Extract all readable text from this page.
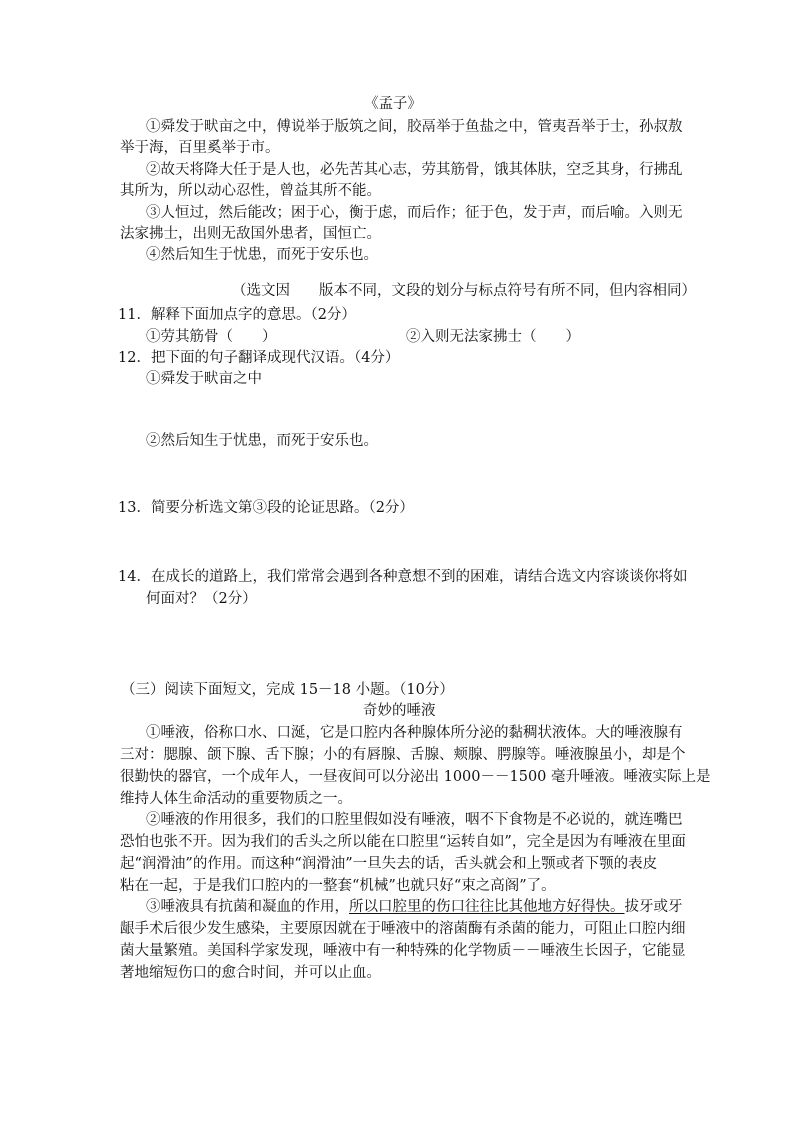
《孟子》
①舜发于畎亩之中，傅说举于版筑之间，胶鬲举于鱼盐之中，管夷吾举于士，孙叔敖
举于海，百里奚举于市。
②故天将降大任于是人也，必先苦其心志，劳其筋骨，饿其体肤，空乏其身，行拂乱
其所为，所以动心忍性，曾益其所不能。
③人恒过，然后能改；困于心，衡于虑，而后作；征于色，发于声，而后喻。入则无
法家拂士，出则无敌国外患者，国恒亡。
④然后知生于忧患，而死于安乐也。
（选文因　　版本不同，文段的划分与标点符号有所不同，但内容相同）
11．解释下面加点字的意思。（2分）
①劳其筋骨（　　）	②入则无法家拂士（　　）
12．把下面的句子翻译成现代汉语。（4分）
①舜发于畎亩之中
②然后知生于忧患，而死于安乐也。
13．简要分析选文第③段的论证思路。（2分）
14．在成长的道路上，我们常常会遇到各种意想不到的困难，请结合选文内容谈谈你将如
何面对？（2分）
（三）阅读下面短文，完成 15－18 小题。（10分）
奇妙的唾液
①唾液，俗称口水、口涎，它是口腔内各种腺体所分泌的黏稠状液体。大的唾液腺有
三对：腮腺、颌下腺、舌下腺；小的有唇腺、舌腺、颊腺、腭腺等。唾液腺虽小，却是个
很勤快的器官，一个成年人，一昼夜间可以分泌出 1000－－1500 毫升唾液。唾液实际上是
维持人体生命活动的重要物质之一。
②唾液的作用很多，我们的口腔里假如没有唾液，咽不下食物是不必说的，就连嘴巴
恐怕也张不开。因为我们的舌头之所以能在口腔里“运转自如”，完全是因为有唾液在里面
起“润滑油”的作用。而这种“润滑油”一旦失去的话，舌头就会和上颚或者下颚的表皮
粘在一起，于是我们口腔内的一整套“机械”也就只好“束之高阁”了。
③唾液具有抗菌和凝血的作用，所以口腔里的伤口往往比其他地方好得快。拔牙或牙
龈手术后很少发生感染，主要原因就在于唾液中的溶菌酶有杀菌的能力，可阻止口腔内细
菌大量繁殖。美国科学家发现，唾液中有一种特殊的化学物质－－唾液生长因子，它能显
著地缩短伤口的愈合时间，并可以止血。
